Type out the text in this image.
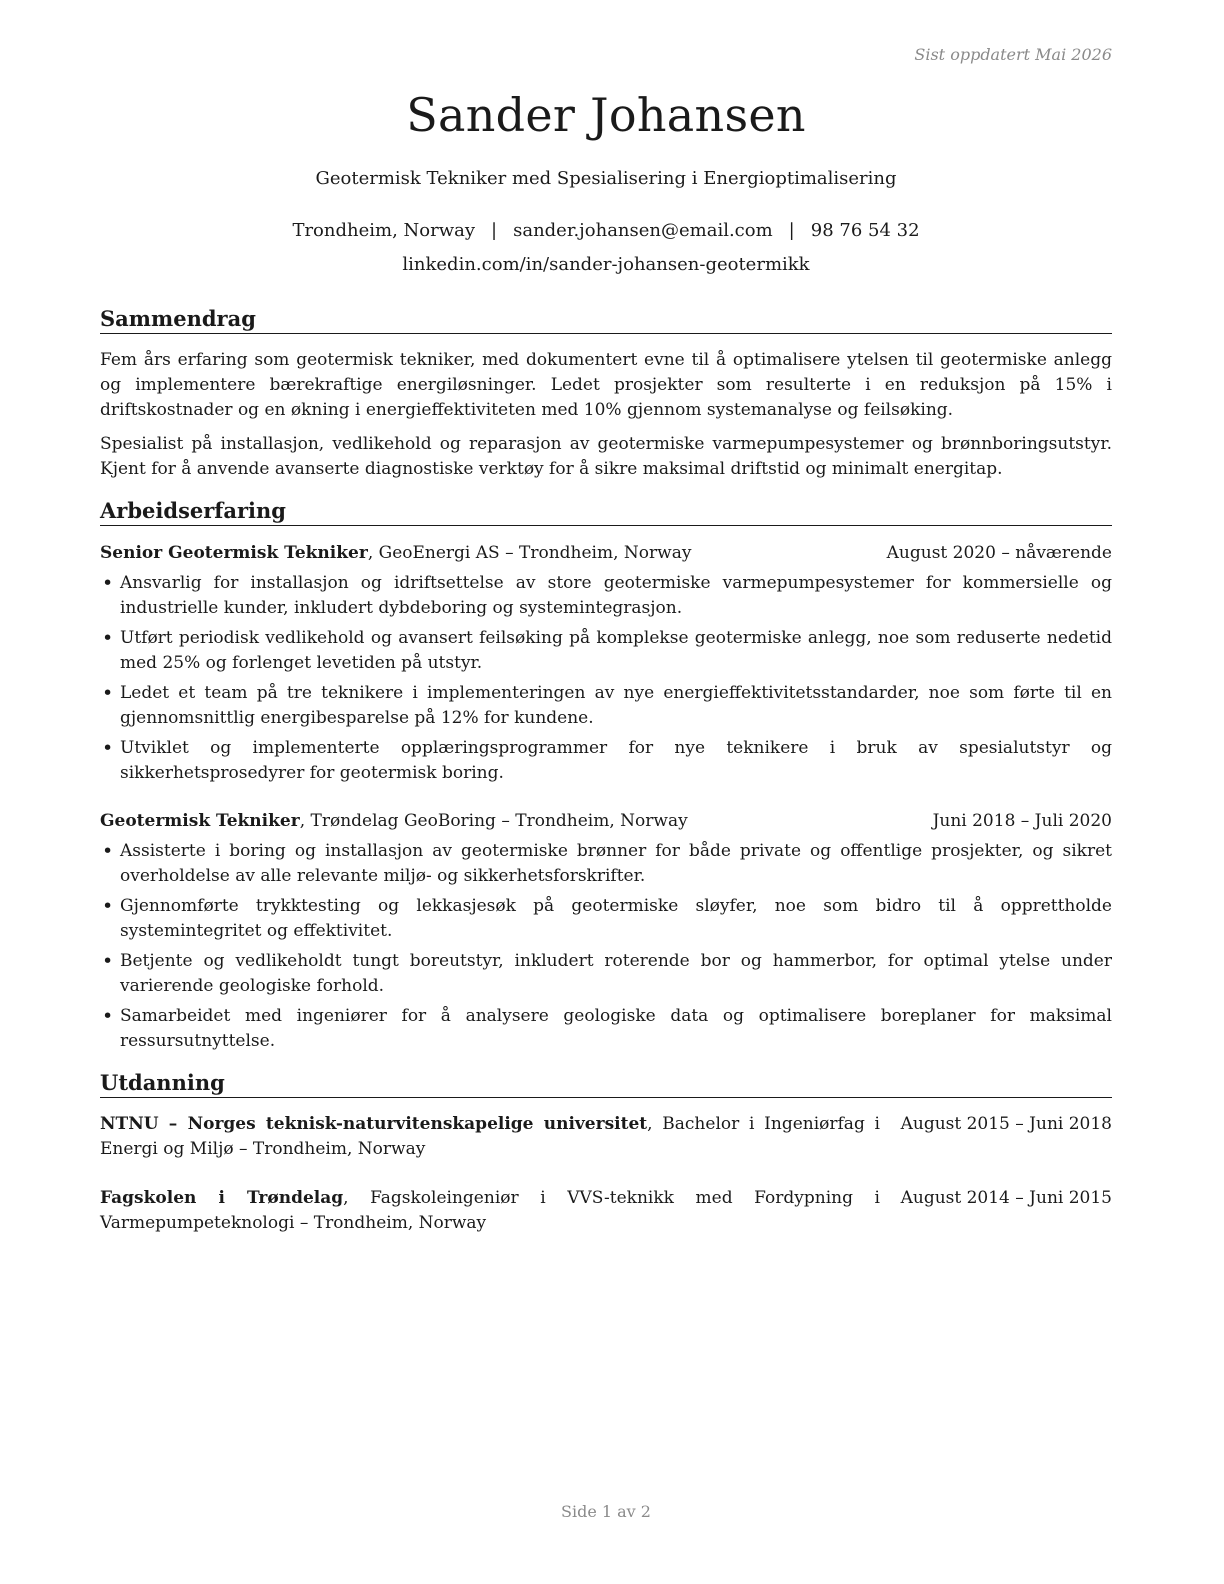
Sist oppdatert Mai 2026
Sander Johansen
Geotermisk Tekniker med Spesialisering i Energioptimalisering
Trondheim, Norway | sander.johansen@email.com | 98 76 54 32
linkedin.com/in/sander-johansen-geotermikk
Sammendrag

Fem års erfaring som geotermisk tekniker, med dokumentert evne til å optimalisere ytelsen til geotermiske anlegg og implementere bærekraftige energiløsninger. Ledet prosjekter som resulterte i en reduksjon på 15% i driftskostnader og en økning i energieffektiviteten med 10% gjennom systemanalyse og feilsøking.

Spesialist på installasjon, vedlikehold og reparasjon av geotermiske varmepumpesystemer og brønnboringsutstyr. Kjent for å anvende avanserte diagnostiske verktøy for å sikre maksimal driftstid og minimalt energitap.

Arbeidserfaring
Senior Geotermisk Tekniker, GeoEnergi AS – Trondheim, Norway	August 2020 – nåværende
• Ansvarlig for installasjon og idriftsettelse av store geotermiske varmepumpesystemer for kommersielle og industrielle kunder, inkludert dybdeboring og systemintegrasjon.
• Utført periodisk vedlikehold og avansert feilsøking på komplekse geotermiske anlegg, noe som reduserte nedetid med 25% og forlenget levetiden på utstyr.
• Ledet et team på tre teknikere i implementeringen av nye energieffektivitetsstandarder, noe som førte til en gjennomsnittlig energibesparelse på 12% for kundene.
• Utviklet og implementerte opplæringsprogrammer for nye teknikere i bruk av spesialutstyr og sikkerhetsprosedyrer for geotermisk boring.
Geotermisk Tekniker, Trøndelag GeoBoring – Trondheim, Norway	Juni 2018 – Juli 2020
• Assisterte i boring og installasjon av geotermiske brønner for både private og offentlige prosjekter, og sikret overholdelse av alle relevante miljø- og sikkerhetsforskrifter.
• Gjennomførte trykktesting og lekkasjesøk på geotermiske sløyfer, noe som bidro til å opprettholde systemintegritet og effektivitet.
• Betjente og vedlikeholdt tungt boreutstyr, inkludert roterende bor og hammerbor, for optimal ytelse under varierende geologiske forhold.
• Samarbeidet med ingeniører for å analysere geologiske data og optimalisere boreplaner for maksimal ressursutnyttelse.
Utdanning
NTNU – Norges teknisk-naturvitenskapelige universitet, Bachelor i Ingeniørfag i Energi og Miljø – Trondheim, Norway
August 2015 – Juni 2018
Fagskolen i Trøndelag, Fagskoleingeniør i VVS-teknikk med Fordypning i Varmepumpeteknologi – Trondheim, Norway
August 2014 – Juni 2015
Side 1 av 2
